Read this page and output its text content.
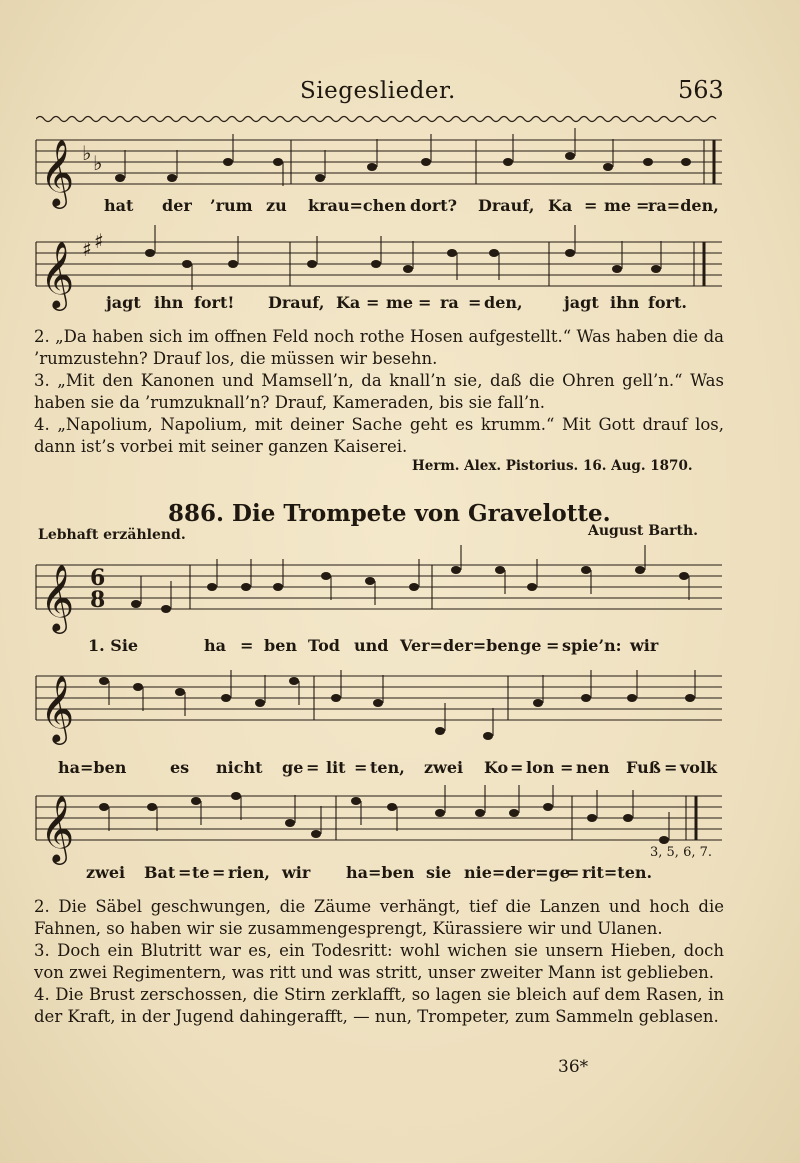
Siegeslieder.	563
𝄞 ♭ ♭
𝄞 ♯ ♯
𝄞
𝄞
𝄞
6
8
hat der ’rum zu krau=chen dort? Drauf, Ka = me =
ra=den,
jagt ihn fort! Drauf, Ka = me = ra = den,	jagt ihn fort.
2. „Da haben sich im offnen Feld noch rothe Hosen aufgestellt.“ Was haben die da ’rumzustehn? Drauf los, die müssen wir besehn.
3. „Mit den Kanonen und Mamsell’n, da knall’n sie, daß die Ohren gell’n.“ Was haben sie da ’rumzuknall’n? Drauf, Kameraden, bis sie fall’n.
4. „Napolium, Napolium, mit deiner Sache geht es krumm.“ Mit Gott drauf los, dann ist’s vorbei mit seiner ganzen Kaiserei.
Herm. Alex. Pistorius. 16. Aug. 1870.
886. Die Trompete von Gravelotte.
Lebhaft erzählend.	August Barth.
1. Sie	ha = ben Tod und Ver=der=ben ge = spie’n: wir
ha=ben	es nicht ge = lit = ten, zwei Ko = lon = nen Fuß = volk
zwei Bat = te = rien, wir ha=ben sie nie=der=ge
= rit=ten.
3, 5, 6, 7.
2. Die Säbel geschwungen, die Zäume verhängt, tief die Lanzen und hoch die Fahnen, so haben wir sie zusammengesprengt, Kürassiere wir und Ulanen.
3. Doch ein Blutritt war es, ein Todesritt: wohl wichen sie unsern Hieben, doch von zwei Regimentern, was ritt und was stritt, unser zweiter Mann ist geblieben.
4. Die Brust zerschossen, die Stirn zerklafft, so lagen sie bleich auf dem Rasen, in der Kraft, in der Jugend dahingerafft, — nun, Trompeter, zum Sammeln geblasen.
36*
